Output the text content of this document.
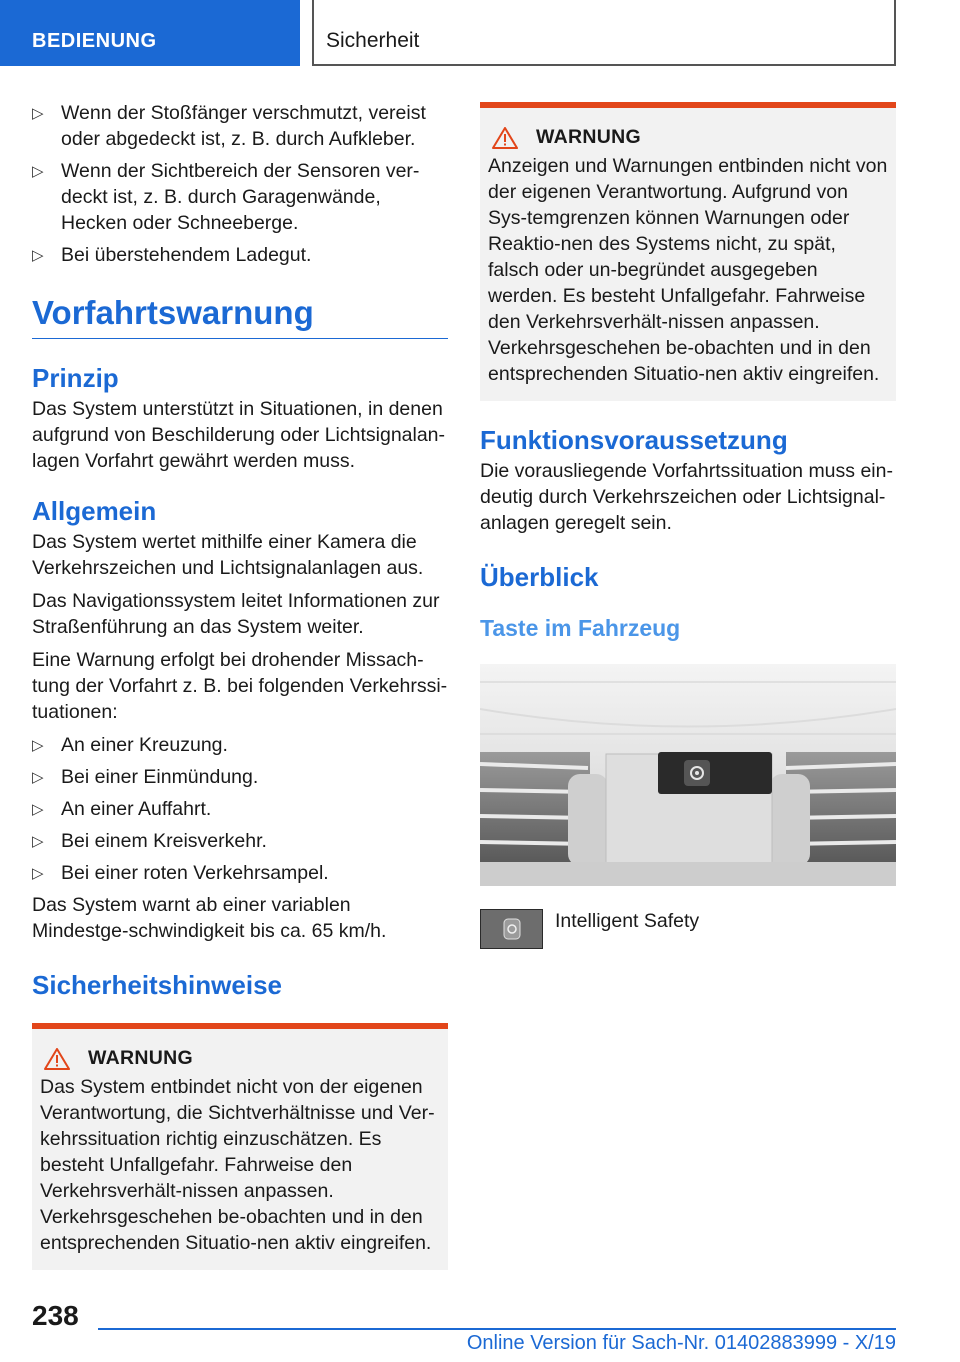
BEDIENUNG	Sicherheit
▷ Wenn der Stoßfänger verschmutzt, vereist oder abgedeckt ist, z. B. durch Aufkleber.
▷ Wenn der Sichtbereich der Sensoren ver-deckt ist, z. B. durch Garagenwände, Hecken oder Schneeberge.
▷ Bei überstehendem Ladegut.
Vorfahrtswarnung
Prinzip

Das System unterstützt in Situationen, in denen aufgrund von Beschilderung oder Lichtsignalan-lagen Vorfahrt gewährt werden muss.

Allgemein

Das System wertet mithilfe einer Kamera die Verkehrszeichen und Lichtsignalanlagen aus.

Das Navigationssystem leitet Informationen zur Straßenführung an das System weiter.

Eine Warnung erfolgt bei drohender Missach-tung der Vorfahrt z. B. bei folgenden Verkehrssi-tuationen:

▷ An einer Kreuzung.
▷ Bei einer Einmündung.
▷ An einer Auffahrt.
▷ Bei einem Kreisverkehr.
▷ Bei einer roten Verkehrsampel.

Das System warnt ab einer variablen Mindestge-schwindigkeit bis ca. 65 km/h.

Sicherheitshinweise
WARNUNG

Das System entbindet nicht von der eigenen Verantwortung, die Sichtverhältnisse und Ver-kehrssituation richtig einzuschätzen. Es besteht Unfallgefahr. Fahrweise den Verkehrsverhält-nissen anpassen. Verkehrsgeschehen be-obachten und in den entsprechenden Situatio-nen aktiv eingreifen.

WARNUNG

Anzeigen und Warnungen entbinden nicht von der eigenen Verantwortung. Aufgrund von Sys-temgrenzen können Warnungen oder Reaktio-nen des Systems nicht, zu spät, falsch oder un-begründet ausgegeben werden. Es besteht Unfallgefahr. Fahrweise den Verkehrsverhält-nissen anpassen. Verkehrsgeschehen be-obachten und in den entsprechenden Situatio-nen aktiv eingreifen.

Funktionsvoraussetzung

Die vorausliegende Vorfahrtssituation muss ein-deutig durch Verkehrszeichen oder Lichtsignal-anlagen geregelt sein.

Überblick
Taste im Fahrzeug
Intelligent Safety
238
Online Version für Sach-Nr. 01402883999 - X/19
